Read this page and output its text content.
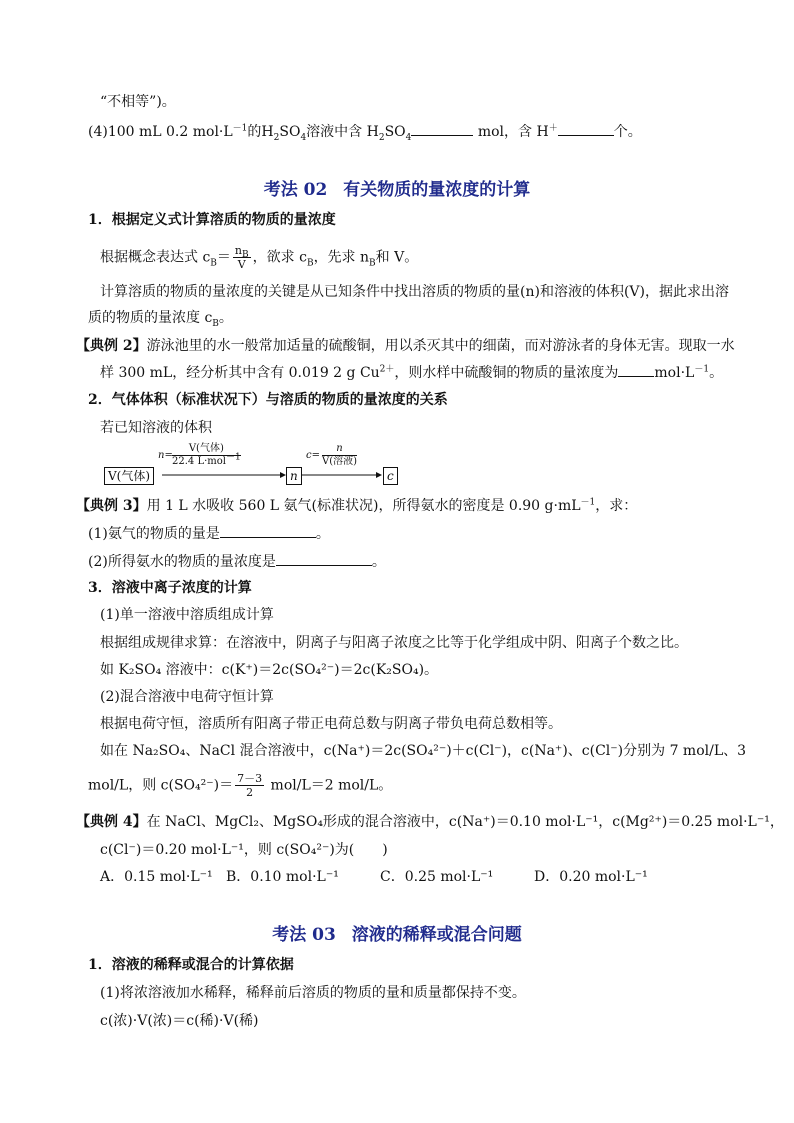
“不相等”)。
(4)100 mL 0.2 $mol\cdot L^{-1}$的$H_2SO_4$溶液中含 $H_2SO_4$	mol，含 H＋	个。
考法 02 有关物质的量浓度的计算
1．根据定义式计算溶质的物质的量浓度
根据概念表达式 $c_B= \frac{n_B}{V}$ ，欲求 $c_B$，先求 $n_B$和 V。
计算溶质的物质的量浓度的关键是从已知条件中找出溶质的物质的量(n)和溶液的体积(V)，据此求出溶
质的物质的量浓度 $c_B$。
【典例 2】游泳池里的水一般常加适量的硫酸铜，用以杀灭其中的细菌，而对游泳者的身体无害。现取一水
样 300 mL，经分析其中含有 0.019 2 g $Cu^{2+}$，则水样中硫酸铜的物质的量浓度为	$mol\cdot L^{-1}$。
2．气体体积（标准状况下）与溶质的物质的量浓度的关系
若已知溶液的体积
V(气体)
n=
V(气体)
22.4 L·mol$^{-1}$
n
c=
n
V(溶液)
c
【典例 3】用 1 L 水吸收 560 L 氨气(标准状况)，所得氨水的密度是 0.90 $g\cdot mL^{-1}$，求：
(1)氨气的物质的量是	。
(2)所得氨水的物质的量浓度是	。
3．溶液中离子浓度的计算
(1)单一溶液中溶质组成计算
根据组成规律求算：在溶液中，阴离子与阳离子浓度之比等于化学组成中阴、阳离子个数之比。
如 K₂SO₄ 溶液中：c(K⁺)＝2c(SO₄²⁻)＝2c(K₂SO₄)。
(2)混合溶液中电荷守恒计算
根据电荷守恒，溶质所有阳离子带正电荷总数与阴离子带负电荷总数相等。
如在 Na₂SO₄、NaCl 混合溶液中，c(Na⁺)＝2c(SO₄²⁻)＋c(Cl⁻)，c(Na⁺)、c(Cl⁻)分别为 7 mol/L、3
mol/L，则 $c(SO_4^{2-})= \frac{7-3}{2} mol/L=2$ mol/L。
【典例 4】在 NaCl、MgCl₂、MgSO₄形成的混合溶液中，c(Na⁺)＝0.10 mol·L⁻¹，c(Mg²⁺)＝0.25 mol·L⁻¹，
c(Cl⁻)＝0.20 mol·L⁻¹，则 c(SO₄²⁻)为(　　)
A．0.15 mol·L⁻¹ B．0.10 mol·L⁻¹	C．0.25 mol·L⁻¹	D．0.20 mol·L⁻¹
考法 03 溶液的稀释或混合问题
1．溶液的稀释或混合的计算依据
(1)将浓溶液加水稀释，稀释前后溶质的物质的量和质量都保持不变。
c(浓)·V(浓)＝c(稀)·V(稀)
